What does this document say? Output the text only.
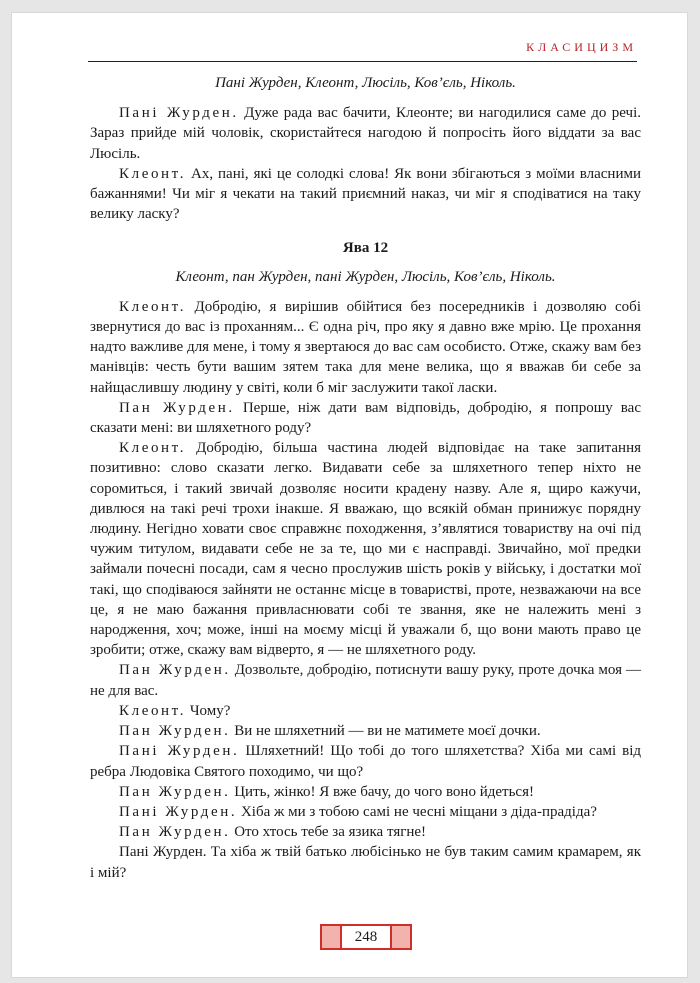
КЛАСИЦИЗМ
Пані Журден, Клеонт, Люсіль, Ков’єль, Ніколь.

Пані Журден. Дуже рада вас бачити, Клеонте; ви нагодилися саме до речі. Зараз прийде мій чоловік, скористайтеся нагодою й попросіть його віддати за вас Люсіль.

Клеонт. Ах, пані, які це солодкі слова! Як вони збігаються з моїми власними бажаннями! Чи міг я чекати на такий приємний наказ, чи міг я сподіватися на таку велику ласку?

Ява 12
Клеонт, пан Журден, пані Журден, Люсіль, Ков’єль, Ніколь.

Клеонт. Добродію, я вирішив обійтися без посередників і дозволяю собі звернутися до вас із проханням... Є одна річ, про яку я давно вже мрію. Це прохання надто важливе для мене, і тому я звертаюся до вас сам особисто. Отже, скажу вам без манівців: честь бути вашим зятем така для мене велика, що я вважав би себе за найщаслившу людину у світі, коли б міг заслужити такої ласки.

Пан Журден. Перше, ніж дати вам відповідь, добродію, я попрошу вас сказати мені: ви шляхетного роду?

Клеонт. Добродію, більша частина людей відповідає на таке запитання позитивно: слово сказати легко. Видавати себе за шляхетного тепер ніхто не соромиться, і такий звичай дозволяє носити крадену назву. Але я, щиро кажучи, дивлюся на такі речі трохи інакше. Я вважаю, що всякій обман принижує порядну людину. Негідно ховати своє справжнє походження, з’являтися товариству на очі під чужим титулом, видавати себе не за те, що ми є насправді. Звичайно, мої предки займали почесні посади, сам я чесно прослужив шість років у війську, і достатки мої такі, що сподіваюся зайняти не останнє місце в товаристві, проте, незважаючи на все це, я не маю бажання привласнювати собі те звання, яке не належить мені з народження, хоч; може, інші на моєму місці й уважали б, що вони мають право це зробити; отже, скажу вам відверто, я — не шляхетного роду.

Пан Журден. Дозвольте, добродію, потиснути вашу руку, проте дочка моя — не для вас.

Клеонт. Чому?

Пан Журден. Ви не шляхетний — ви не матимете моєї дочки.

Пані Журден. Шляхетний! Що тобі до того шляхетства? Хіба ми самі від ребра Людовіка Святого походимо, чи що?

Пан Журден. Цить, жінко! Я вже бачу, до чого воно йдеться!

Пані Журден. Хіба ж ми з тобою самі не чесні міщани з діда-прадіда?

Пан Журден. Ото хтось тебе за язика тягне!

Пані Журден. Та хіба ж твій батько любісінько не був таким самим крамарем, як і мій?

248
